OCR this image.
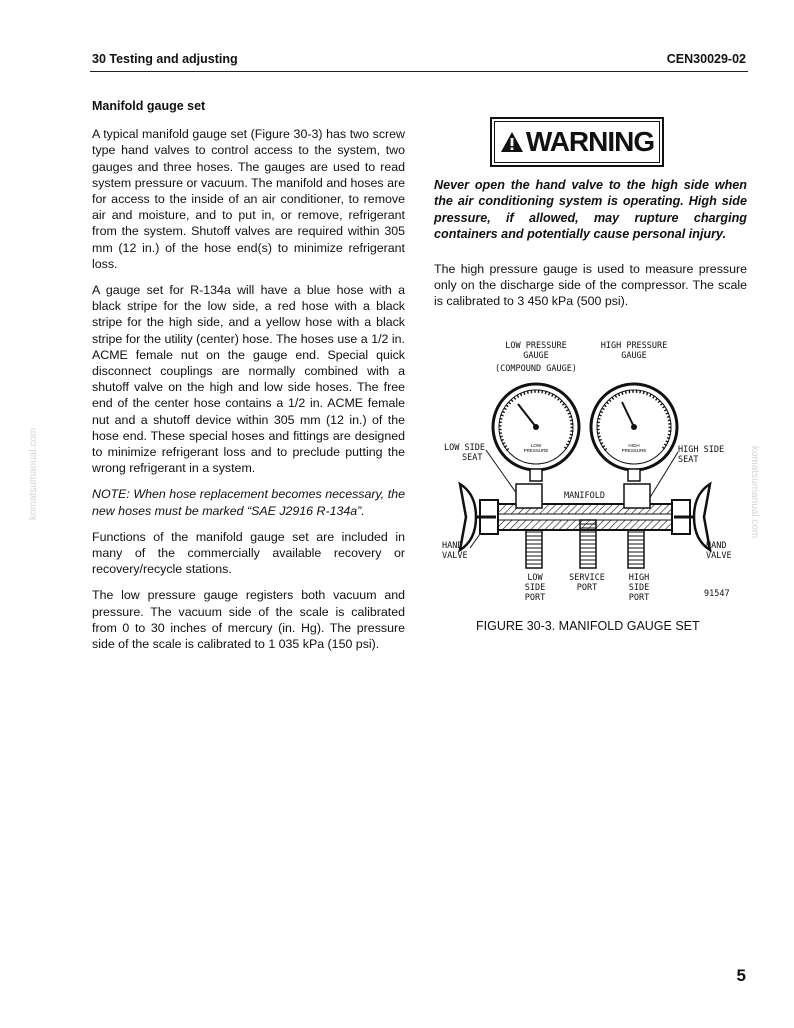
30 Testing and adjusting	CEN30029-02
Manifold gauge set

A typical manifold gauge set (Figure 30-3) has two screw type hand valves to control access to the system, two gauges and three hoses. The gauges are used to read system pressure or vacuum. The manifold and hoses are for access to the inside of an air conditioner, to remove air and moisture, and to put in, or remove, refrigerant from the system. Shutoff valves are required within 305 mm (12 in.) of the hose end(s) to minimize refrigerant loss.

A gauge set for R-134a will have a blue hose with a black stripe for the low side, a red hose with a black stripe for the high side, and a yellow hose with a black stripe for the utility (center) hose. The hoses use a 1/2 in. ACME female nut on the gauge end. Special quick disconnect couplings are normally combined with a shutoff valve on the high and low side hoses. The free end of the center hose contains a 1/2 in. ACME female nut and a shutoff device within 305 mm (12 in.) of the hose end. These special hoses and fittings are designed to minimize refrigerant loss and to preclude putting the wrong refrigerant in a system.

NOTE: When hose replacement becomes necessary, the new hoses must be marked “SAE J2916 R-134a”.

Functions of the manifold gauge set are included in many of the commercially available recovery or recovery/recycle stations.

The low pressure gauge registers both vacuum and pressure. The vacuum side of the scale is calibrated from 0 to 30 inches of mercury (in. Hg). The pressure side of the scale is calibrated to 1 035 kPa (150 psi).

WARNING
Never open the hand valve to the high side when the air conditioning system is operating. High side pressure, if allowed, may rupture charging containers and potentially cause personal injury.
The high pressure gauge is used to measure pressure only on the discharge side of the compressor. The scale is calibrated to 3 450 kPa (500 psi).
LOW PRESSURE
GAUGE
(COMPOUND GAUGE)
HIGH PRESSURE
GAUGE
LOW
PRESSURE
HIGH
PRESSURE
LOW SIDE
SEAT
HIGH SIDE
SEAT
MANIFOLD
HAND
VALVE
HAND
VALVE
LOW
SIDE
PORT
SERVICE
PORT
HIGH
SIDE
PORT	91547
FIGURE 30-3. MANIFOLD GAUGE SET
komatsumanual.com	komatsumanual.com
5
